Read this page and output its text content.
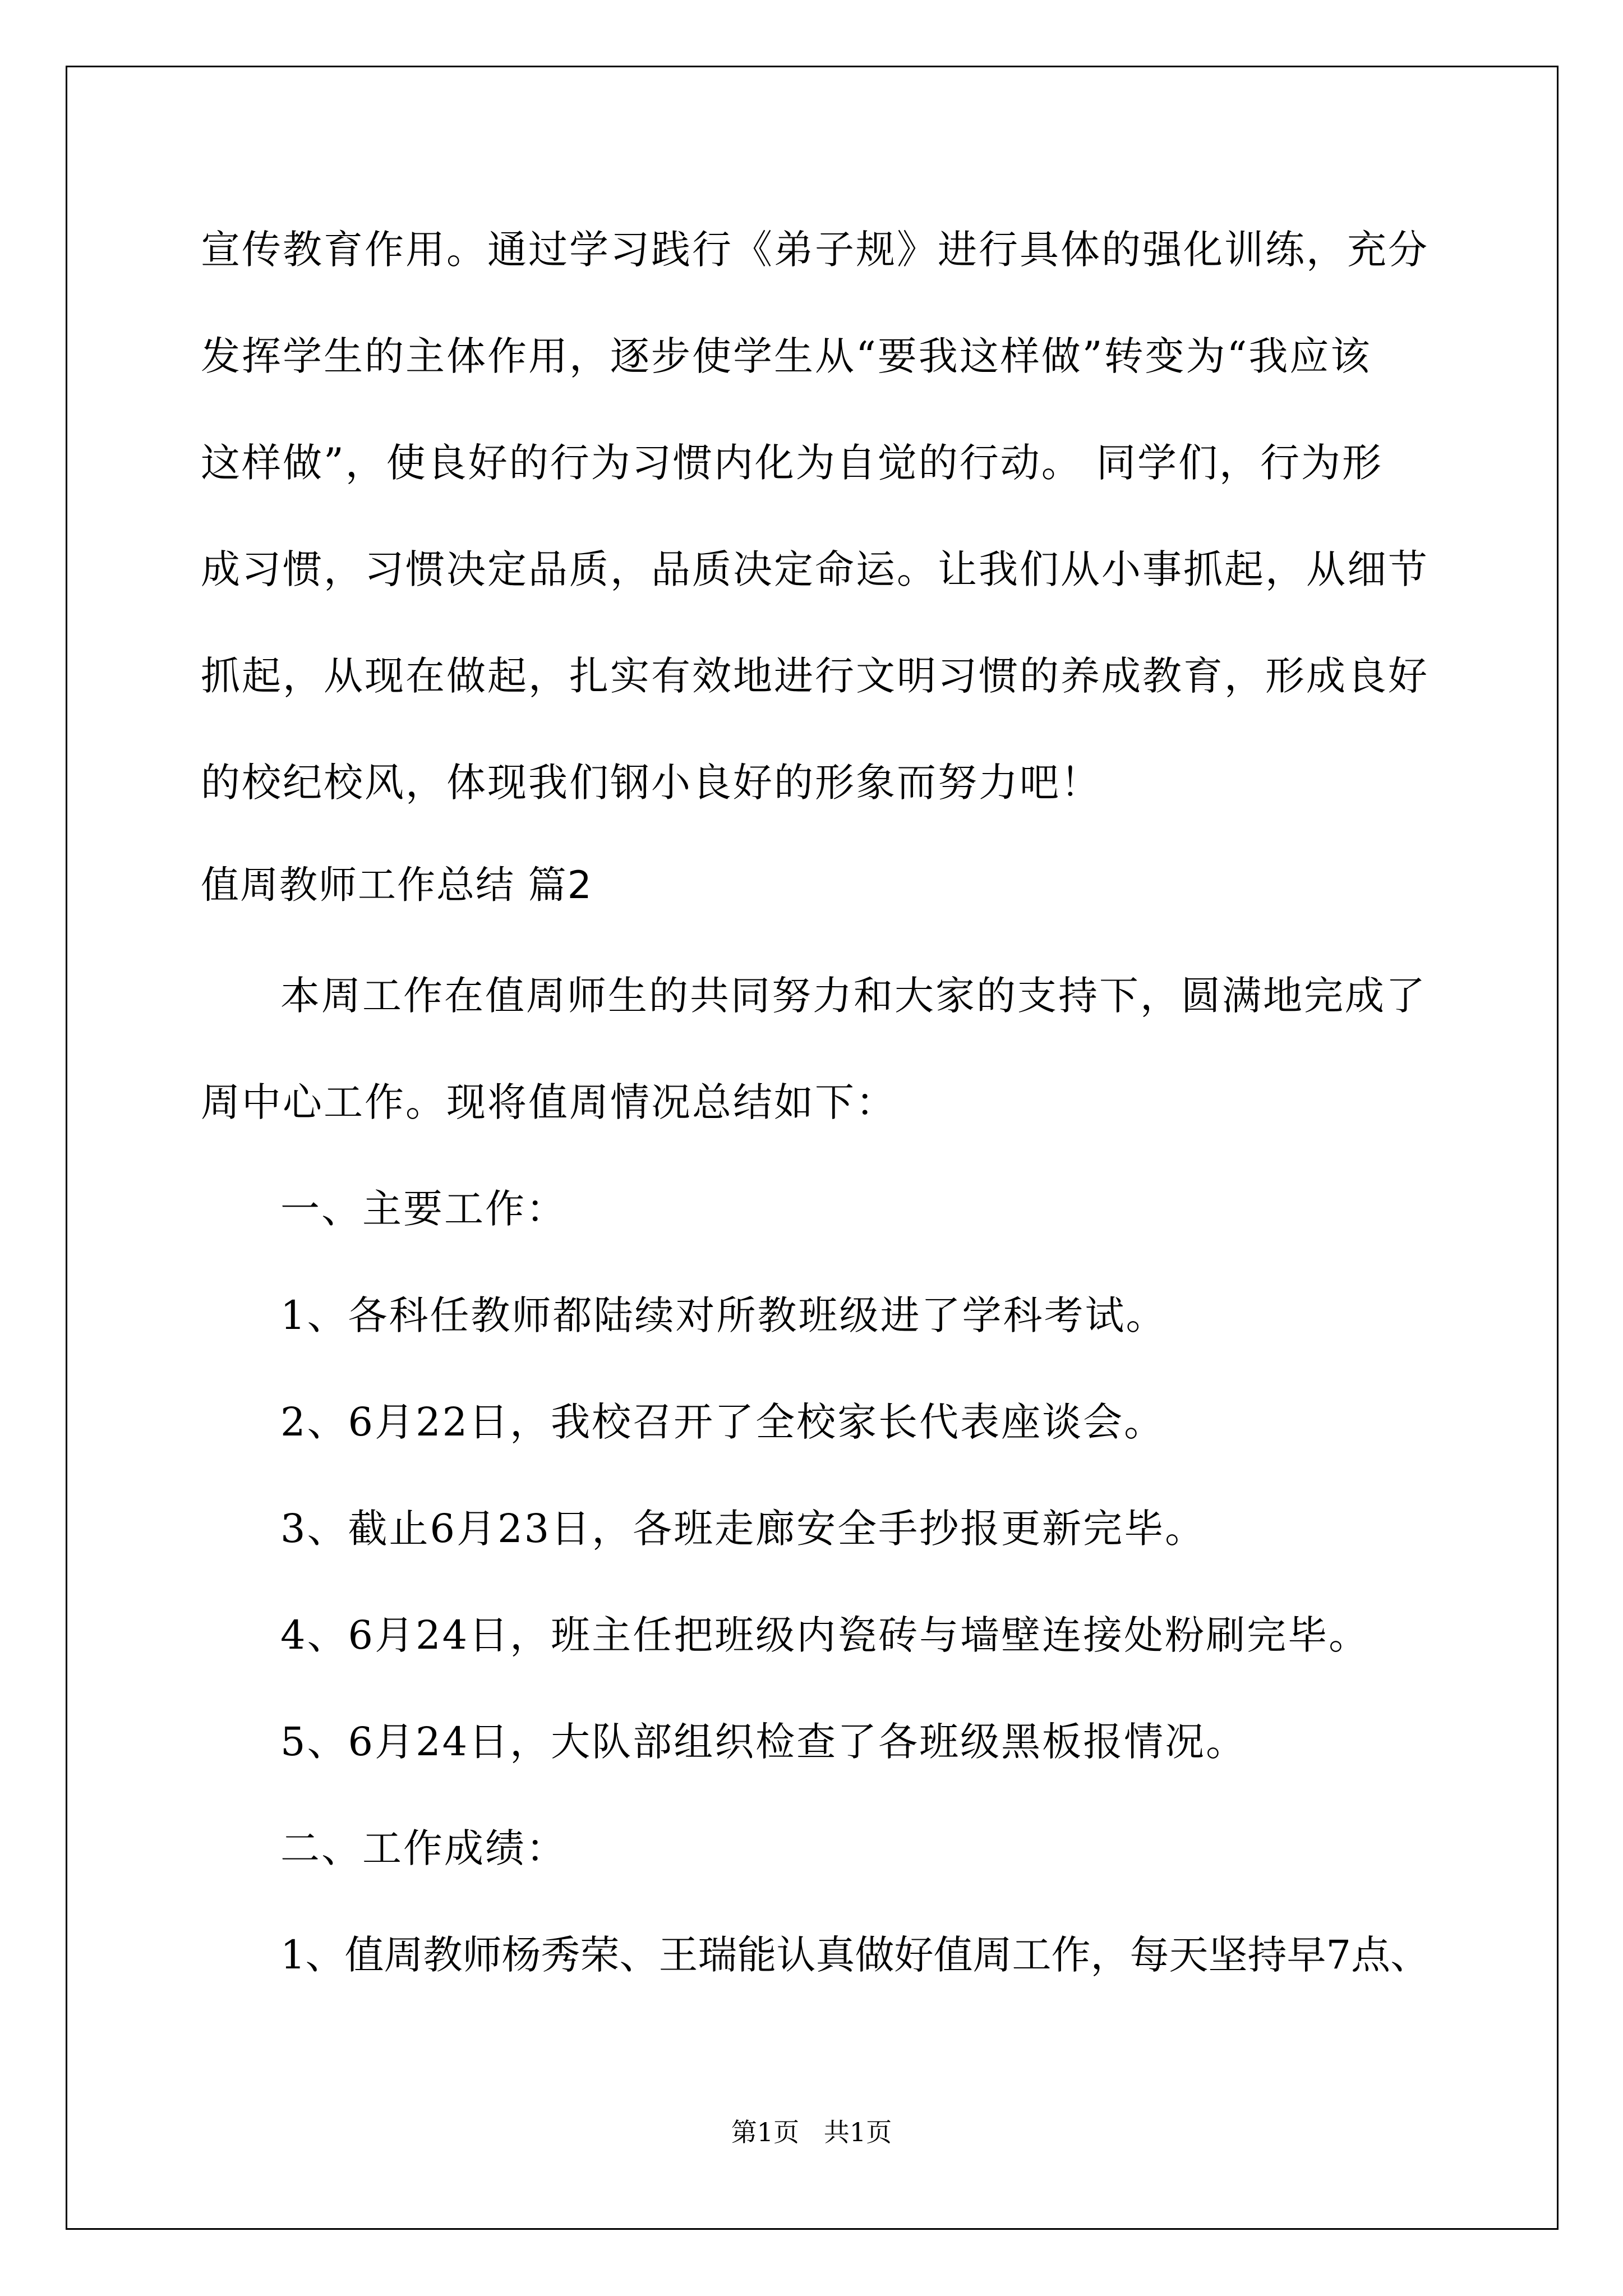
宣传教育作用。通过学习践行《弟子规》进行具体的强化训练，充分

发挥学生的主体作用，逐步使学生从“要我这样做”转变为“我应该

这样做”，使良好的行为习惯内化为自觉的行动。 同学们，行为形

成习惯，习惯决定品质，品质决定命运。让我们从小事抓起，从细节

抓起，从现在做起，扎实有效地进行文明习惯的养成教育，形成良好

的校纪校风，体现我们钢小良好的形象而努力吧！

值周教师工作总结 篇2

本周工作在值周师生的共同努力和大家的支持下，圆满地完成了

周中心工作。现将值周情况总结如下：

一、主要工作：

1、各科任教师都陆续对所教班级进了学科考试。

2、6月22日，我校召开了全校家长代表座谈会。

3、截止6月23日，各班走廊安全手抄报更新完毕。

4、6月24日，班主任把班级内瓷砖与墙壁连接处粉刷完毕。

5、6月24日，大队部组织检查了各班级黑板报情况。

二、工作成绩：

1、值周教师杨秀荣、王瑞能认真做好值周工作，每天坚持早7点、

第1页   共1页
